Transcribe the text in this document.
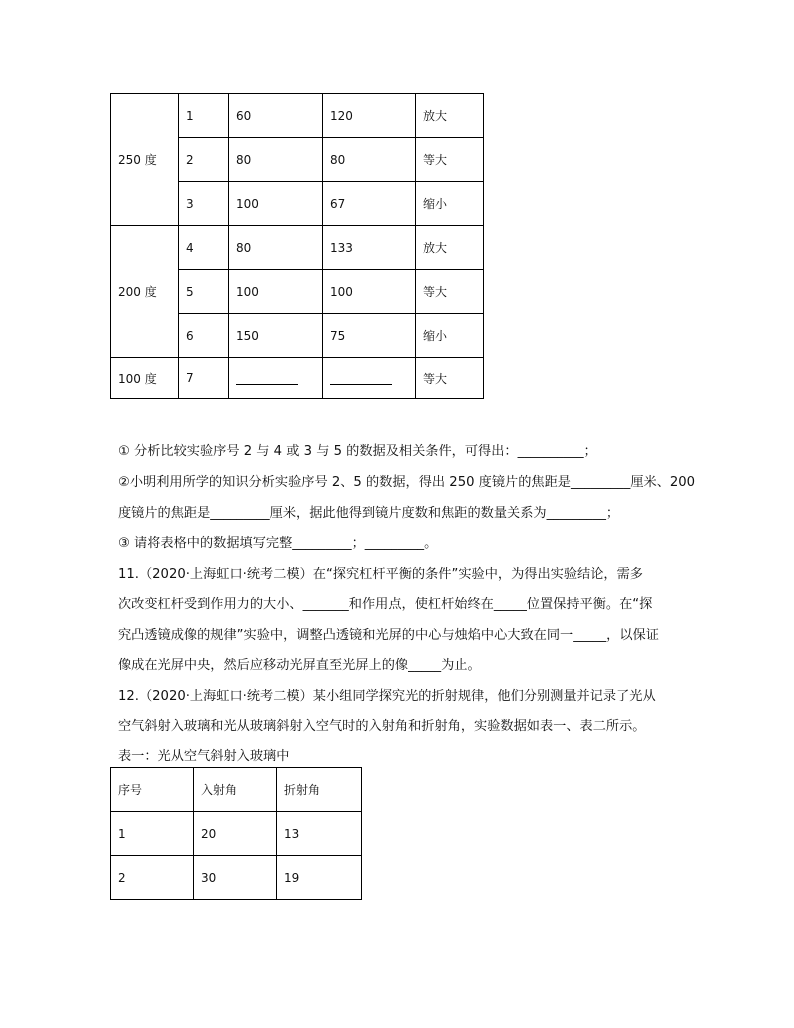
250 度	1	60	120	放大
	2	80	80	等大
	3	100	67	缩小
200 度	4	80	133	放大
	5	100	100	等大
	6	150	75	缩小
100 度	7			等大
① 分析比较实验序号 2 与 4 或 3 与 5 的数据及相关条件，可得出：__________；
②小明利用所学的知识分析实验序号 2、5 的数据，得出 250 度镜片的焦距是_________厘米、200
度镜片的焦距是_________厘米，据此他得到镜片度数和焦距的数量关系为_________；
③ 请将表格中的数据填写完整_________；_________。
11.（2020·上海虹口·统考二模）在“探究杠杆平衡的条件”实验中，为得出实验结论，需多
次改变杠杆受到作用力的大小、_______和作用点，使杠杆始终在_____位置保持平衡。在“探
究凸透镜成像的规律”实验中，调整凸透镜和光屏的中心与烛焰中心大致在同一_____，以保证
像成在光屏中央，然后应移动光屏直至光屏上的像_____为止。
12.（2020·上海虹口·统考二模）某小组同学探究光的折射规律，他们分别测量并记录了光从
空气斜射入玻璃和光从玻璃斜射入空气时的入射角和折射角，实验数据如表一、表二所示。
表一：光从空气斜射入玻璃中
序号	入射角	折射角
1	20	13
2	30	19
